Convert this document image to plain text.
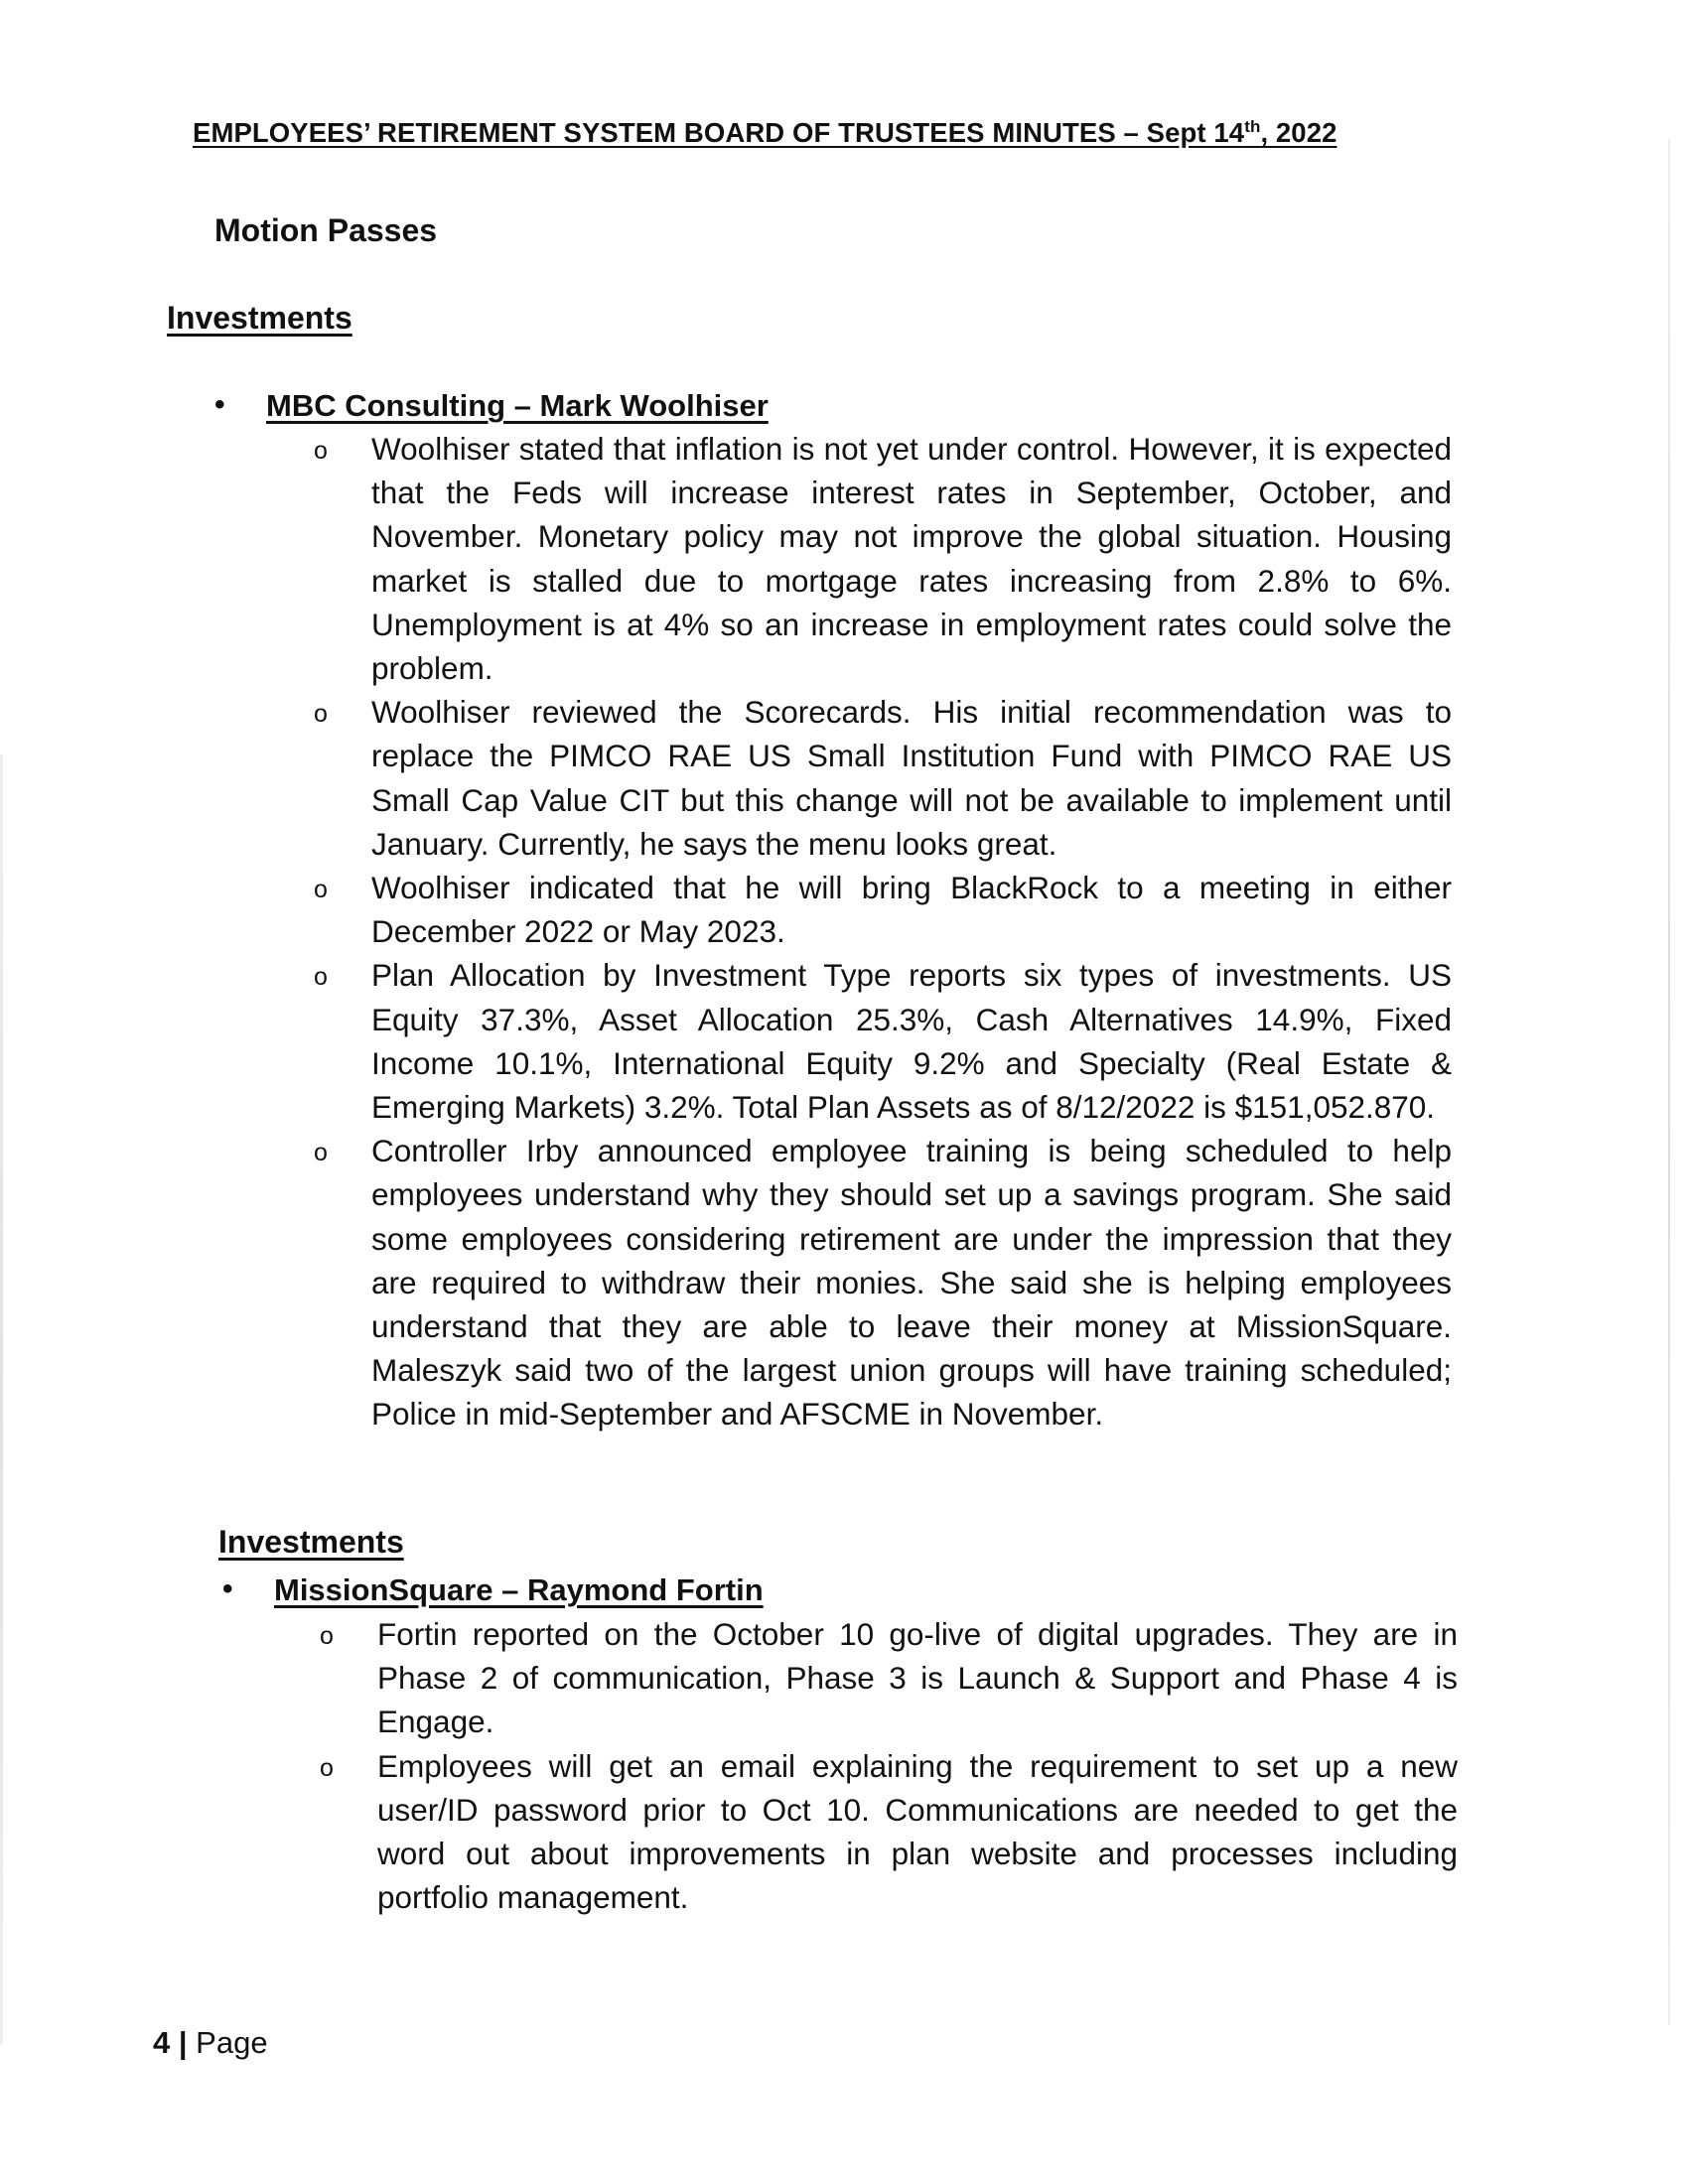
EMPLOYEES’ RETIREMENT SYSTEM BOARD OF TRUSTEES MINUTES – Sept 14th, 2022
Motion Passes
Investments
• MBC Consulting – Mark Woolhiser
o Woolhiser stated that inflation is not yet under control. However, it is expected that the Feds will increase interest rates in September, October, and November. Monetary policy may not improve the global situation. Housing market is stalled due to mortgage rates increasing from 2.8% to 6%. Unemployment is at 4% so an increase in employment rates could solve the problem.
o Woolhiser reviewed the Scorecards. His initial recommendation was to replace the PIMCO RAE US Small Institution Fund with PIMCO RAE US Small Cap Value CIT but this change will not be available to implement until January. Currently, he says the menu looks great.
o Woolhiser indicated that he will bring BlackRock to a meeting in either December 2022 or May 2023.
o Plan Allocation by Investment Type reports six types of investments. US Equity 37.3%, Asset Allocation 25.3%, Cash Alternatives 14.9%, Fixed Income 10.1%, International Equity 9.2% and Specialty (Real Estate & Emerging Markets) 3.2%. Total Plan Assets as of 8/12/2022 is $151,052.870.
o Controller Irby announced employee training is being scheduled to help employees understand why they should set up a savings program. She said some employees considering retirement are under the impression that they are required to withdraw their monies. She said she is helping employees understand that they are able to leave their money at MissionSquare. Maleszyk said two of the largest union groups will have training scheduled; Police in mid-September and AFSCME in November.
Investments
• MissionSquare – Raymond Fortin
o Fortin reported on the October 10 go-live of digital upgrades. They are in Phase 2 of communication, Phase 3 is Launch & Support and Phase 4 is Engage.
o Employees will get an email explaining the requirement to set up a new user/ID password prior to Oct 10. Communications are needed to get the word out about improvements in plan website and processes including portfolio management.
4 | Page
